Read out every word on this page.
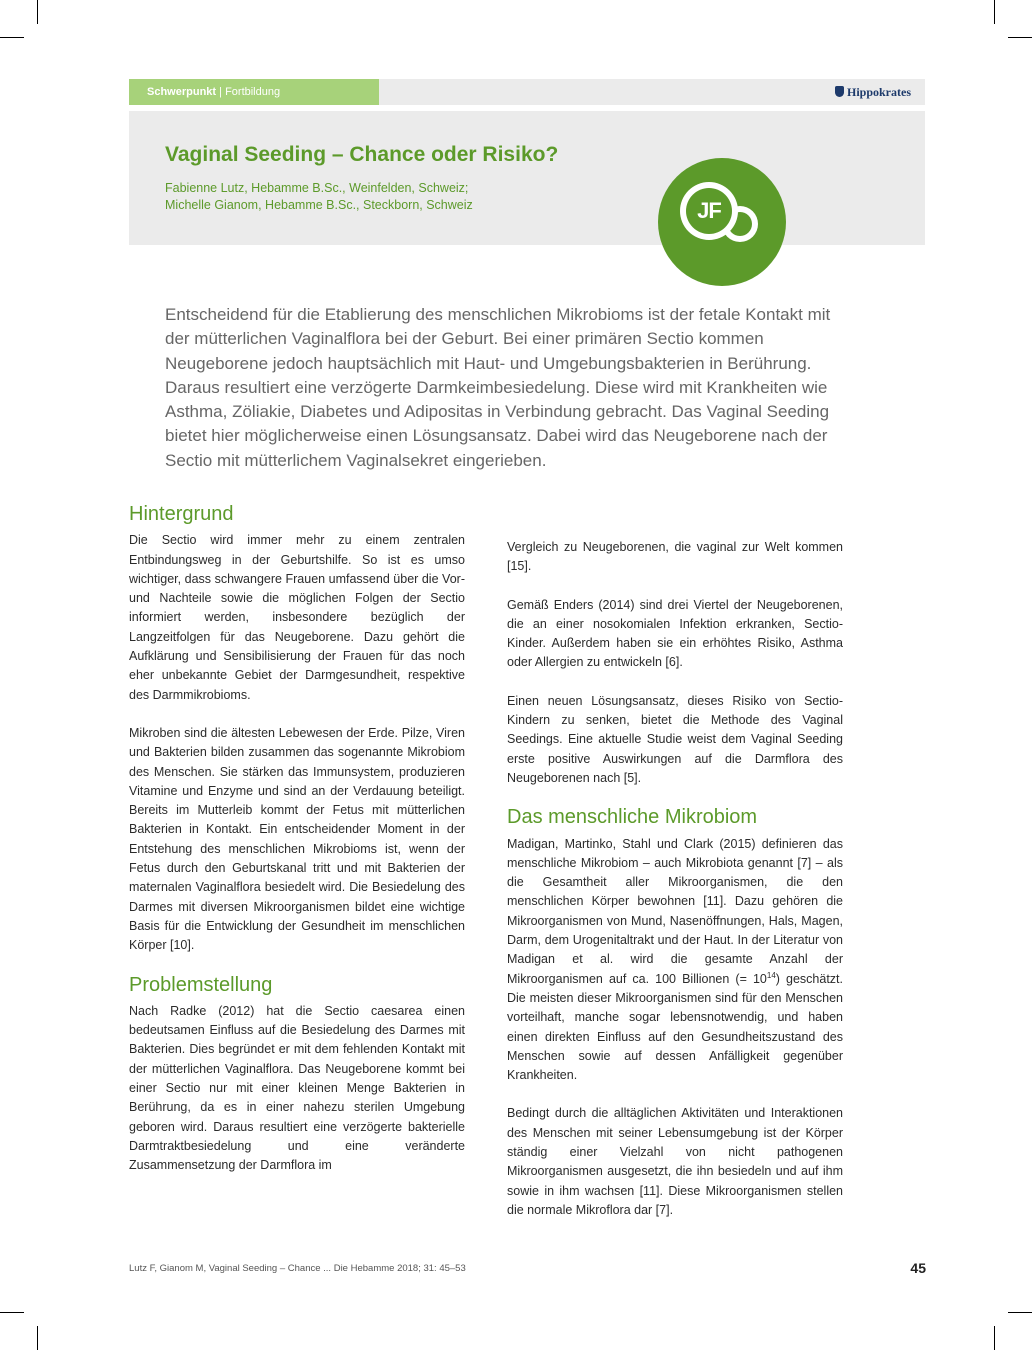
Schwerpunkt | Fortbildung	Hippokrates
Vaginal Seeding – Chance oder Risiko?
Fabienne Lutz, Hebamme B.Sc., Weinfelden, Schweiz;
Michelle Gianom, Hebamme B.Sc., Steckborn, Schweiz	JF

Entscheidend für die Etablierung des menschlichen Mikrobioms ist der fetale Kontakt mit der mütterlichen Vaginalflora bei der Geburt. Bei einer primären Sectio kommen Neugeborene jedoch hauptsächlich mit Haut- und Umgebungsbakterien in Berührung. Daraus resultiert eine verzögerte Darmkeimbesiedelung. Diese wird mit Krankheiten wie Asthma, Zöliakie, Diabetes und Adipositas in Verbindung gebracht. Das Vaginal Seeding bietet hier möglicherweise einen Lösungsansatz. Dabei wird das Neugeborene nach der Sectio mit mütterlichem Vaginalsekret eingerieben.

Hintergrund

Die Sectio wird immer mehr zu einem zentralen Entbindungsweg in der Geburtshilfe. So ist es umso wichtiger, dass schwangere Frauen umfassend über die Vor- und Nachteile sowie die möglichen Folgen der Sectio informiert werden, insbesondere bezüglich der Langzeitfolgen für das Neugeborene. Dazu gehört die Aufklärung und Sensibilisierung der Frauen für das noch eher unbekannte Gebiet der Darmgesundheit, respektive des Darmmikrobioms.

Mikroben sind die ältesten Lebewesen der Erde. Pilze, Viren und Bakterien bilden zusammen das sogenannte Mikrobiom des Menschen. Sie stärken das Immunsystem, produzieren Vitamine und Enzyme und sind an der Verdauung beteiligt. Bereits im Mutterleib kommt der Fetus mit mütterlichen Bakterien in Kontakt. Ein entscheidender Moment in der Entstehung des menschlichen Mikrobioms ist, wenn der Fetus durch den Geburtskanal tritt und mit Bakterien der maternalen Vaginalflora besiedelt wird. Die Besiedelung des Darmes mit diversen Mikroorganismen bildet eine wichtige Basis für die Entwicklung der Gesundheit im menschlichen Körper [10].

Problemstellung

Nach Radke (2012) hat die Sectio caesarea einen bedeutsamen Einfluss auf die Besiedelung des Darmes mit Bakterien. Dies begründet er mit dem fehlenden Kontakt mit der mütterlichen Vaginalflora. Das Neugeborene kommt bei einer Sectio nur mit einer kleinen Menge Bakterien in Berührung, da es in einer nahezu sterilen Umgebung geboren wird. Daraus resultiert eine verzögerte bakterielle Darmtraktbesiedelung und eine veränderte Zusammensetzung der Darmflora im

Vergleich zu Neugeborenen, die vaginal zur Welt kommen [15].

Gemäß Enders (2014) sind drei Viertel der Neugeborenen, die an einer nosokomialen Infektion erkranken, Sectio-Kinder. Außerdem haben sie ein erhöhtes Risiko, Asthma oder Allergien zu entwickeln [6].

Einen neuen Lösungsansatz, dieses Risiko von Sectio-Kindern zu senken, bietet die Methode des Vaginal Seedings. Eine aktuelle Studie weist dem Vaginal Seeding erste positive Auswirkungen auf die Darmflora des Neugeborenen nach [5].

Das menschliche Mikrobiom

Madigan, Martinko, Stahl und Clark (2015) definieren das menschliche Mikrobiom – auch Mikrobiota genannt [7] – als die Gesamtheit aller Mikroorganismen, die den menschlichen Körper bewohnen [11]. Dazu gehören die Mikroorganismen von Mund, Nasenöffnungen, Hals, Magen, Darm, dem Urogenitaltrakt und der Haut. In der Literatur von Madigan et al. wird die gesamte Anzahl der Mikroorganismen auf ca. 100 Billionen (= $10^{14}$) geschätzt. Die meisten dieser Mikroorganismen sind für den Menschen vorteilhaft, manche sogar lebensnotwendig, und haben einen direkten Einfluss auf den Gesundheitszustand des Menschen sowie auf dessen Anfälligkeit gegenüber Krankheiten.

Bedingt durch die alltäglichen Aktivitäten und Interaktionen des Menschen mit seiner Lebensumgebung ist der Körper ständig einer Vielzahl von nicht pathogenen Mikroorganismen ausgesetzt, die ihn besiedeln und auf ihm sowie in ihm wachsen [11]. Diese Mikroorganismen stellen die normale Mikroflora dar [7].

Lutz F, Gianom M, Vaginal Seeding – Chance ... Die Hebamme 2018; 31: 45–53	45
